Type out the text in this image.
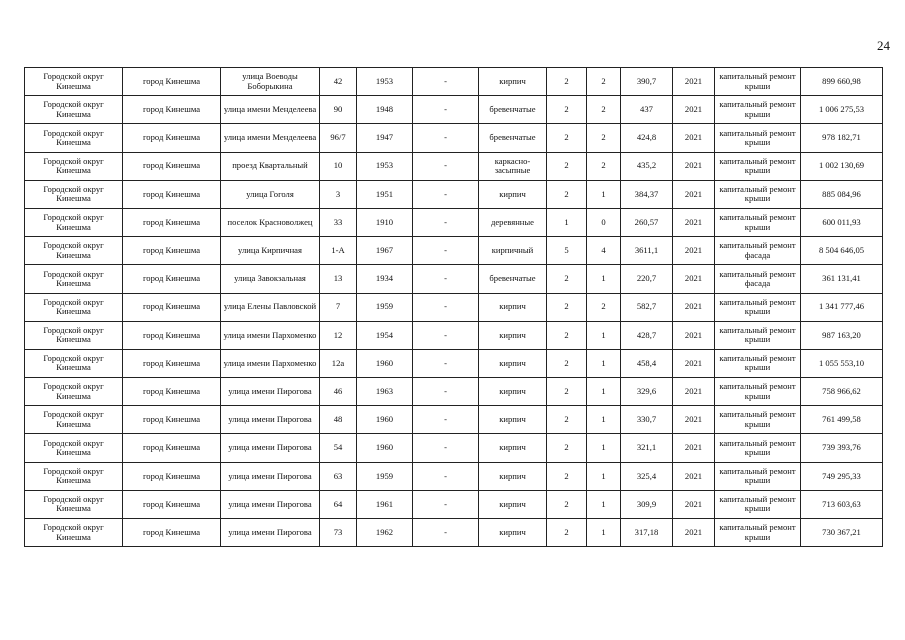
24
Городской округ Кинешма	город Кинешма	улица Воеводы Боборыкина	42	1953	-	кирпич	2	2	390,7	2021	капитальный ремонт крыши	899 660,98
Городской округ Кинешма	город Кинешма	улица имени Менделеева	90	1948	-	бревенчатые	2	2	437	2021	капитальный ремонт крыши	1 006 275,53
Городской округ Кинешма	город Кинешма	улица имени Менделеева	96/7	1947	-	бревенчатые	2	2	424,8	2021	капитальный ремонт крыши	978 182,71
Городской округ Кинешма	город Кинешма	проезд Квартальный	10	1953	-	каркасно-засыпные	2	2	435,2	2021	капитальный ремонт крыши	1 002 130,69
Городской округ Кинешма	город Кинешма	улица Гоголя	3	1951	-	кирпич	2	1	384,37	2021	капитальный ремонт крыши	885 084,96
Городской округ Кинешма	город Кинешма	поселок Красноволжец	33	1910	-	деревянные	1	0	260,57	2021	капитальный ремонт крыши	600 011,93
Городской округ Кинешма	город Кинешма	улица Кирпичная	1-А	1967	-	кирпичный	5	4	3611,1	2021	капитальный ремонт фасада	8 504 646,05
Городской округ Кинешма	город Кинешма	улица Завокзальная	13	1934	-	бревенчатые	2	1	220,7	2021	капитальный ремонт фасада	361 131,41
Городской округ Кинешма	город Кинешма	улица Елены Павловской	7	1959	-	кирпич	2	2	582,7	2021	капитальный ремонт крыши	1 341 777,46
Городской округ Кинешма	город Кинешма	улица имени Пархоменко	12	1954	-	кирпич	2	1	428,7	2021	капитальный ремонт крыши	987 163,20
Городской округ Кинешма	город Кинешма	улица имени Пархоменко	12а	1960	-	кирпич	2	1	458,4	2021	капитальный ремонт крыши	1 055 553,10
Городской округ Кинешма	город Кинешма	улица имени Пирогова	46	1963	-	кирпич	2	1	329,6	2021	капитальный ремонт крыши	758 966,62
Городской округ Кинешма	город Кинешма	улица имени Пирогова	48	1960	-	кирпич	2	1	330,7	2021	капитальный ремонт крыши	761 499,58
Городской округ Кинешма	город Кинешма	улица имени Пирогова	54	1960	-	кирпич	2	1	321,1	2021	капитальный ремонт крыши	739 393,76
Городской округ Кинешма	город Кинешма	улица имени Пирогова	63	1959	-	кирпич	2	1	325,4	2021	капитальный ремонт крыши	749 295,33
Городской округ Кинешма	город Кинешма	улица имени Пирогова	64	1961	-	кирпич	2	1	309,9	2021	капитальный ремонт крыши	713 603,63
Городской округ Кинешма	город Кинешма	улица имени Пирогова	73	1962	-	кирпич	2	1	317,18	2021	капитальный ремонт крыши	730 367,21
